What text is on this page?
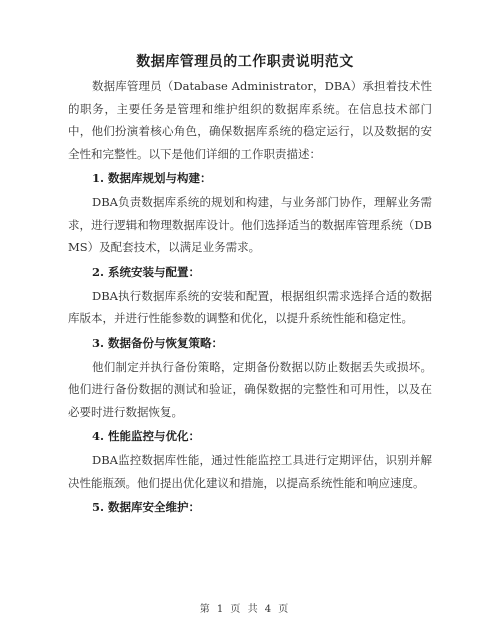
数据库管理员的工作职责说明范文

数据库管理员（Database Administrator，DBA）承担着技术性的职务，主要任务是管理和维护组织的数据库系统。在信息技术部门中，他们扮演着核心角色，确保数据库系统的稳定运行，以及数据的安全性和完整性。以下是他们详细的工作职责描述：

1. 数据库规划与构建：

DBA负责数据库系统的规划和构建，与业务部门协作，理解业务需求，进行逻辑和物理数据库设计。他们选择适当的数据库管理系统（DBMS）及配套技术，以满足业务需求。

2. 系统安装与配置：

DBA执行数据库系统的安装和配置，根据组织需求选择合适的数据库版本，并进行性能参数的调整和优化，以提升系统性能和稳定性。

3. 数据备份与恢复策略：

他们制定并执行备份策略，定期备份数据以防止数据丢失或损坏。他们进行备份数据的测试和验证，确保数据的完整性和可用性，以及在必要时进行数据恢复。

4. 性能监控与优化：

DBA监控数据库性能，通过性能监控工具进行定期评估，识别并解决性能瓶颈。他们提出优化建议和措施，以提高系统性能和响应速度。

5. 数据库安全维护：

第 1 页 共 4 页
